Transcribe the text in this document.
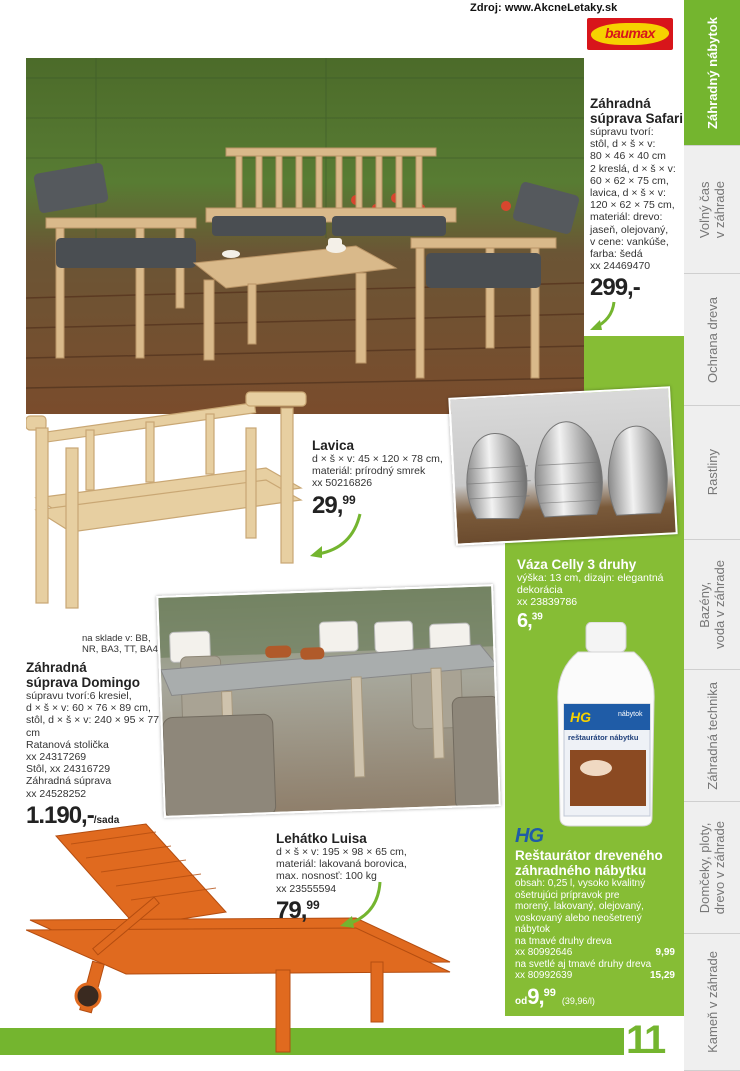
Zdroj: www.AkcneLetaky.sk
baumax	Záhradný nábytok
Voľný čas
v záhrade
Ochrana dreva
Rastliny
Bazény,
voda v záhrade
Záhradná technika
Domčeky, ploty,
drevo v záhrade
Kameň v záhrade
11
Záhradná
súprava Safari
súpravu tvorí:
stôl, d × š × v:
80 × 46 × 40 cm
2 kreslá, d × š × v:
60 × 62 × 75 cm,
lavica, d × š × v:
120 × 62 × 75 cm,
materiál: drevo:
jaseň, olejovaný,
v cene: vankúše,
farba: šedá
xx 24469470
299,-
Lavica
d × š × v: 45 × 120 × 78 cm,
materiál: prírodný smrek
xx 50216826
29,99
Váza Celly 3 druhy
výška: 13 cm, dizajn: elegantná
dekorácia
xx 23839786
6,39
HG	nábytok
reštaurátor nábytku
na sklade v: BB,
NR, BA3, TT, BA4
Záhradná
súprava Domingo
súpravu tvorí:6 kresiel,
d × š × v: 60 × 76 × 89 cm,
stôl, d × š × v: 240 × 95 × 77 cm
Ratanová stolička
xx 24317269
Stôl, xx 24316729
Záhradná súprava
xx 24528252
1.190,-/sada
Lehátko Luisa
d × š × v: 195 × 98 × 65 cm,
materiál: lakovaná borovica,
max. nosnosť: 100 kg
xx 23555594
79,99
HG
Reštaurátor dreveného
záhradného nábytku
obsah: 0,25 l, vysoko kvalitný
ošetrujúci prípravok pre
morený, lakovaný, olejovaný,
voskovaný alebo neošetrený
nábytok
na tmavé druhy dreva
xx 80992646	9,99
na svetlé aj tmavé druhy dreva
xx 80992639	15,29
od9,99
(39,96/l)
